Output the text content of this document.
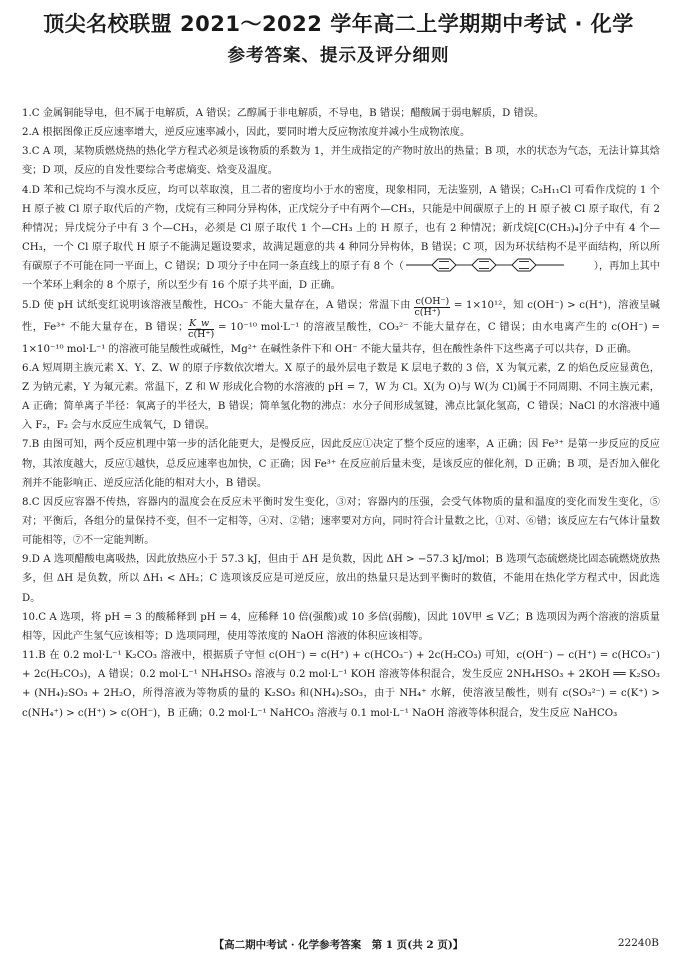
顶尖名校联盟 2021～2022 学年高二上学期期中考试 · 化学
参考答案、提示及评分细则
1.C 金属铜能导电，但不属于电解质，A 错误；乙醇属于非电解质，不导电，B 错误；醋酸属于弱电解质，D 错误。
2.A 根据图像正反应速率增大，逆反应速率减小，因此，要同时增大反应物浓度并减小生成物浓度。
3.C A 项，某物质燃烧热的热化学方程式必须是该物质的系数为 1，并生成指定的产物时放出的热量；B 项，水的状态为气态，无法计算其焓变；D 项，反应的自发性要综合考虑熵变、焓变及温度。
4.D 苯和己烷均不与溴水反应，均可以萃取溴，且二者的密度均小于水的密度，现象相同，无法鉴别，A 错误；C₅H₁₁Cl 可看作戊烷的 1 个 H 原子被 Cl 原子取代后的产物，戊烷有三种同分异构体，正戊烷分子中有两个—CH₃，只能是中间碳原子上的 H 原子被 Cl 原子取代，有 2 种情况；异戊烷分子中有 3 个—CH₃，必须是 Cl 原子取代 1 个—CH₃ 上的 H 原子，也有 2 种情况；新戊烷[C(CH₃)₄]分子中有 4 个—CH₃，一个 Cl 原子取代 H 原子不能满足题设要求，故满足题意的共 4 种同分异构体，B 错误；C 项，因为环状结构不是平面结构，所以所有碳原子不可能在同一平面上，C 错误；D 项分子中在同一条直线上的原子有 8 个（	），再加上其中一个苯环上剩余的 8 个原子，所以至少有 16 个原子共平面，D 正确。
5.D 使 pH 试纸变红说明该溶液呈酸性，HCO₃⁻ 不能大量存在，A 错误；常温下由 $\frac{c(OH^-)}{c(H^+)} = 1\times 10^{12}$，知 c(OH⁻) > c(H⁺)，溶液呈碱性，Fe³⁺ 不能大量存在，B 错误； $\frac{K\_w}{c(H^+)} = 10^{-10}$ mol·L⁻¹ 的溶液呈酸性，CO₃²⁻ 不能大量存在，C 错误；由水电离产生的 c(OH⁻) = 1×10⁻¹⁰ mol·L⁻¹ 的溶液可能呈酸性或碱性，Mg²⁺ 在碱性条件下和 OH⁻ 不能大量共存，但在酸性条件下这些离子可以共存，D 正确。
6.A 短周期主族元素 X、Y、Z、W 的原子序数依次增大。X 原子的最外层电子数是 K 层电子数的 3 倍，X 为氧元素，Z 的焰色反应显黄色，Z 为钠元素，Y 为氟元素。常温下，Z 和 W 形成化合物的水溶液的 pH = 7，W 为 Cl。X(为 O)与 W(为 Cl)属于不同周期、不同主族元素，A 正确；简单离子半径：氧离子的半径大，B 错误；简单氢化物的沸点：水分子间形成氢键，沸点比氯化氢高，C 错误；NaCl 的水溶液中通入 F₂，F₂ 会与水反应生成氧气，D 错误。
7.B 由图可知，两个反应机理中第一步的活化能更大，是慢反应，因此反应①决定了整个反应的速率，A 正确；因 Fe³⁺ 是第一步反应的反应物，其浓度越大，反应①越快，总反应速率也加快，C 正确；因 Fe³⁺ 在反应前后量未变，是该反应的催化剂，D 正确；B 项，是否加入催化剂并不能影响正、逆反应活化能的相对大小，B 错误。
8.C 因反应容器不传热，容器内的温度会在反应未平衡时发生变化，③对；容器内的压强，会受气体物质的量和温度的变化而发生变化，⑤对；平衡后，各组分的量保持不变，但不一定相等，④对、②错；速率要对方向，同时符合计量数之比，①对、⑥错；该反应左右气体计量数可能相等，⑦不一定能判断。
9.D A 选项醋酸电离吸热，因此放热应小于 57.3 kJ，但由于 ΔH 是负数，因此 ΔH > −57.3 kJ/mol；B 选项气态硫燃烧比固态硫燃烧放热多，但 ΔH 是负数，所以 ΔH₁ < ΔH₂；C 选项该反应是可逆反应，放出的热量只是达到平衡时的数值，不能用在热化学方程式中，因此选 D。
10.C A 选项，将 pH = 3 的酸稀释到 pH = 4，应稀释 10 倍(强酸)或 10 多倍(弱酸)，因此 10V甲 ≤ V乙；B 选项因为两个溶液的溶质量相等，因此产生氢气应该相等；D 选项同理，使用等浓度的 NaOH 溶液的体积应该相等。
11.B 在 0.2 mol·L⁻¹ K₂CO₃ 溶液中，根据质子守恒 c(OH⁻) = c(H⁺) + c(HCO₃⁻) + 2c(H₂CO₃) 可知，c(OH⁻) − c(H⁺) = c(HCO₃⁻) + 2c(H₂CO₃)，A 错误；0.2 mol·L⁻¹ NH₄HSO₃ 溶液与 0.2 mol·L⁻¹ KOH 溶液等体积混合，发生反应 2NH₄HSO₃ + 2KOH ══ K₂SO₃ + (NH₄)₂SO₃ + 2H₂O，所得溶液为等物质的量的 K₂SO₃ 和(NH₄)₂SO₃，由于 NH₄⁺ 水解，使溶液呈酸性，则有 c(SO₃²⁻) = c(K⁺) > c(NH₄⁺) > c(H⁺) > c(OH⁻)，B 正确；0.2 mol·L⁻¹ NaHCO₃ 溶液与 0.1 mol·L⁻¹ NaOH 溶液等体积混合，发生反应 NaHCO₃
【高二期中考试 · 化学参考答案　第 1 页(共 2 页)】	22240B
